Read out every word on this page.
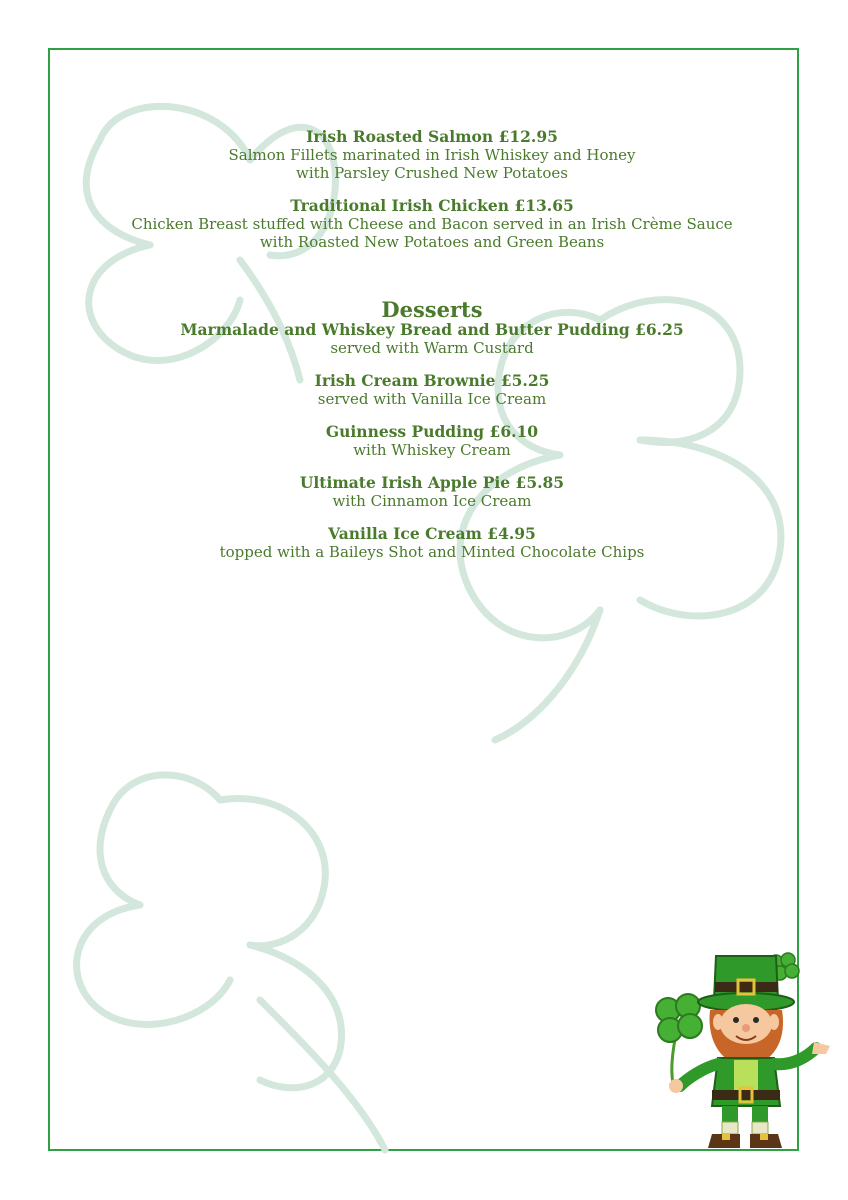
Irish Roasted Salmon £12.95
Salmon Fillets marinated in Irish Whiskey and Honey
with Parsley Crushed New Potatoes
Traditional Irish Chicken £13.65
Chicken Breast stuffed with Cheese and Bacon served in an Irish Crème Sauce
with Roasted New Potatoes and Green Beans
Desserts
Marmalade and Whiskey Bread and Butter Pudding £6.25
served with Warm Custard
Irish Cream Brownie £5.25
served with Vanilla Ice Cream
Guinness Pudding £6.10
with Whiskey Cream
Ultimate Irish Apple Pie £5.85
with Cinnamon Ice Cream
Vanilla Ice Cream £4.95
topped with a Baileys Shot and Minted Chocolate Chips
